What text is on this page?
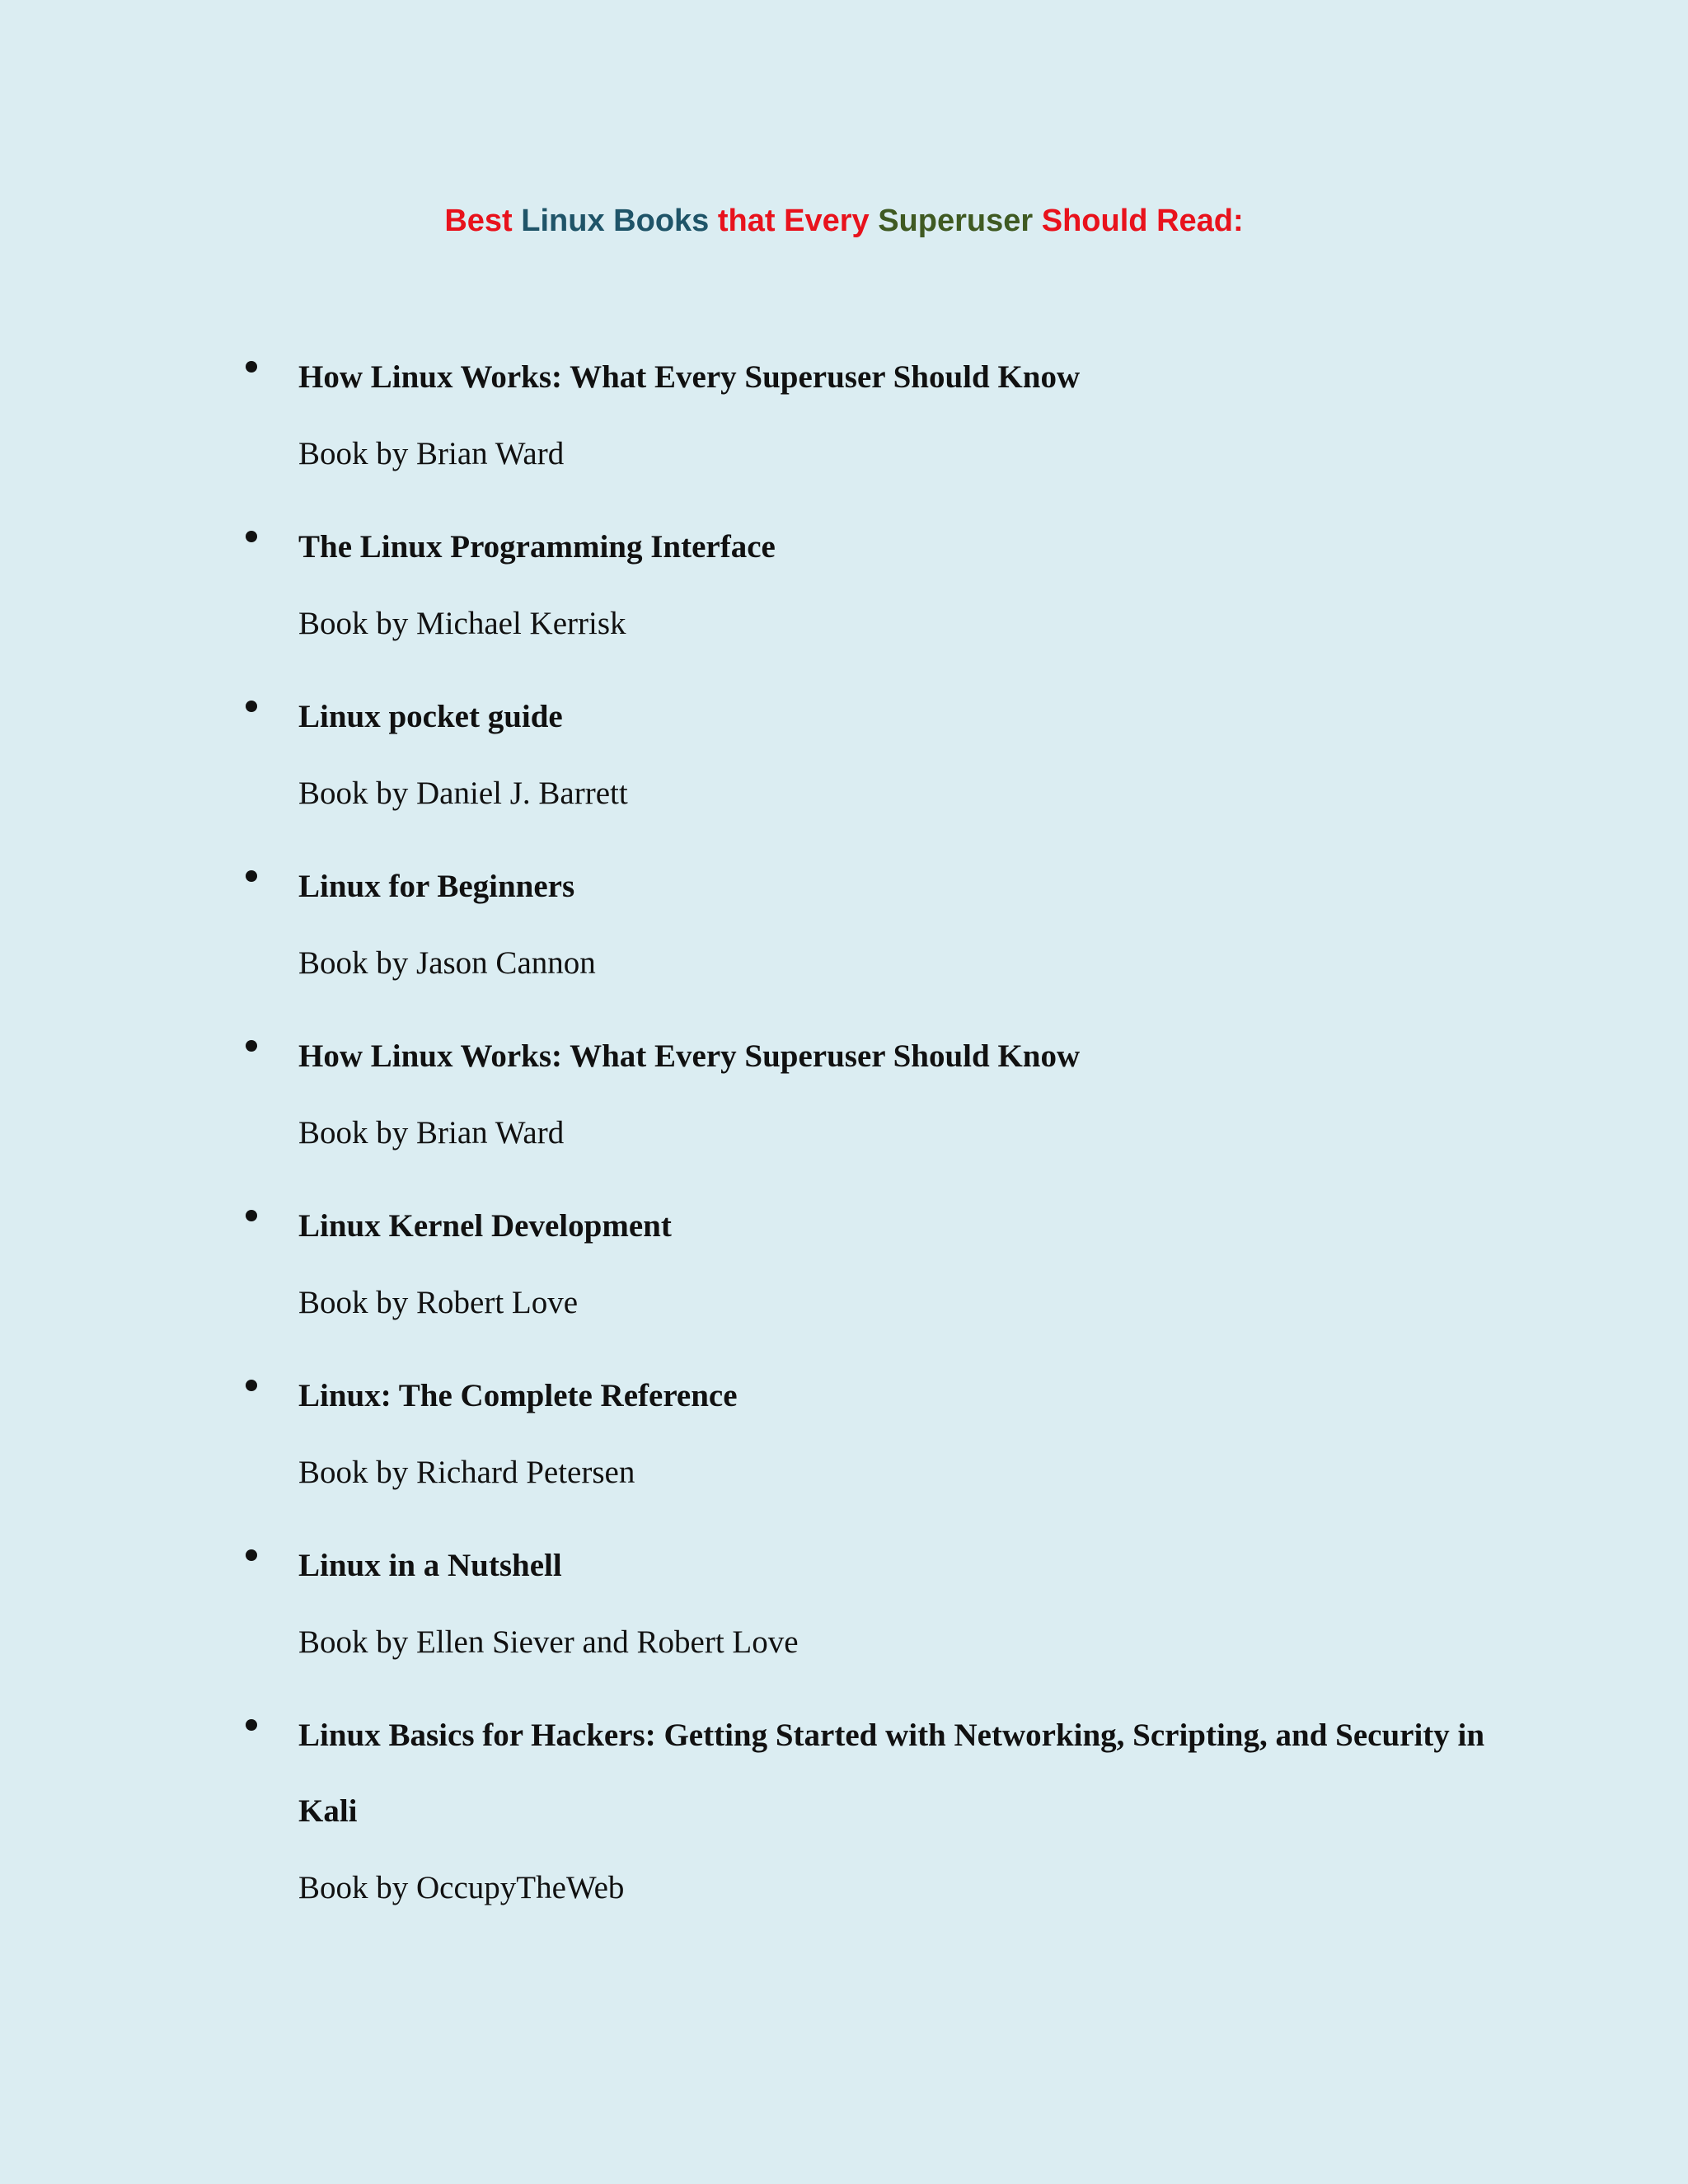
Best Linux Books that Every Superuser Should Read:
How Linux Works: What Every Superuser Should Know
Book by Brian Ward
The Linux Programming Interface
Book by Michael Kerrisk
Linux pocket guide
Book by Daniel J. Barrett
Linux for Beginners
Book by Jason Cannon
How Linux Works: What Every Superuser Should Know
Book by Brian Ward
Linux Kernel Development
Book by Robert Love
Linux: The Complete Reference
Book by Richard Petersen
Linux in a Nutshell
Book by Ellen Siever and Robert Love
Linux Basics for Hackers: Getting Started with Networking, Scripting, and Security in Kali
Book by OccupyTheWeb
